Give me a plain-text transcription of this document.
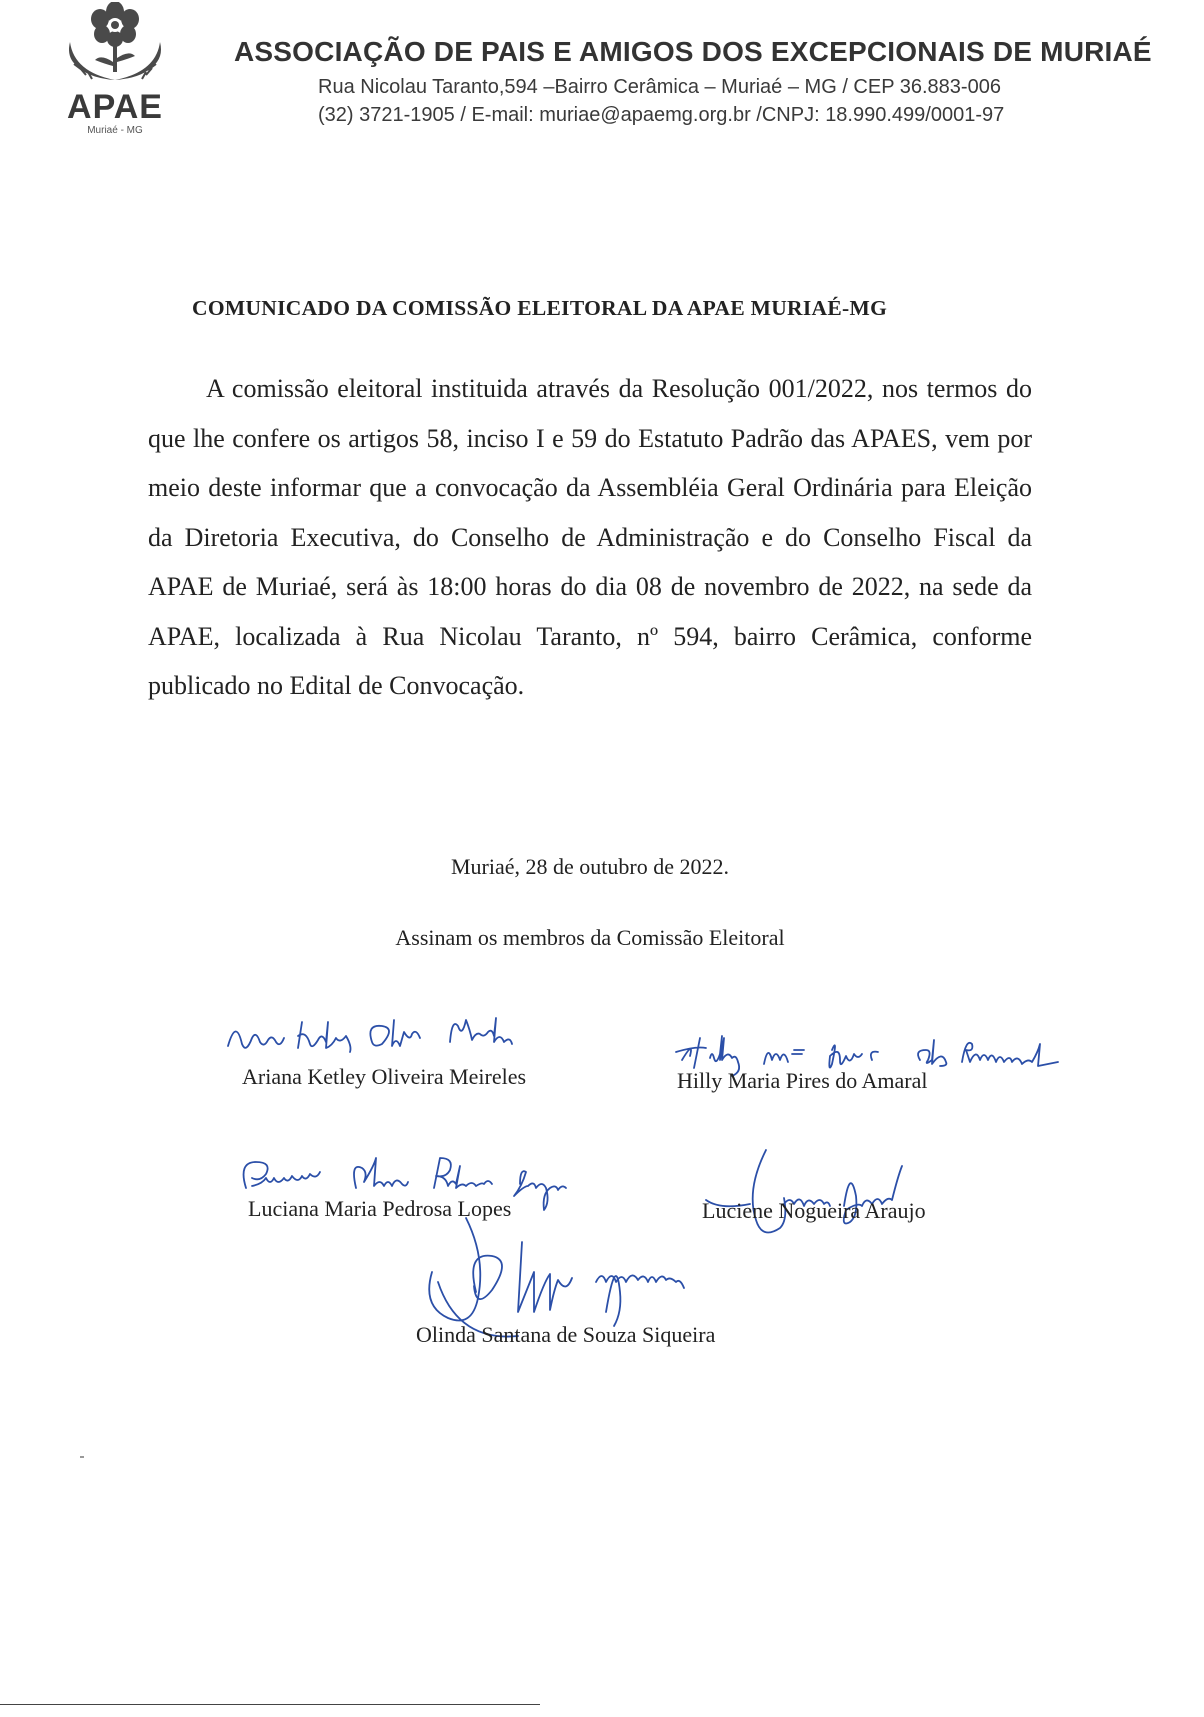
APAE
Muriaé - MG
ASSOCIAÇÃO DE PAIS E AMIGOS DOS EXCEPCIONAIS DE MURIAÉ
Rua Nicolau Taranto,594 –Bairro Cerâmica – Muriaé – MG / CEP 36.883-006
(32) 3721-1905 / E-mail: muriae@apaemg.org.br /CNPJ: 18.990.499/0001-97
COMUNICADO DA COMISSÃO ELEITORAL DA APAE MURIAÉ-MG
A comissão eleitoral instituida através da Resolução 001/2022, nos termos do que lhe confere os artigos 58, inciso I e 59 do Estatuto Padrão das APAES, vem por meio deste informar que a convocação da Assembléia Geral Ordinária para Eleição da Diretoria Executiva, do Conselho de Administração e do Conselho Fiscal da APAE de Muriaé, será às 18:00 horas do dia 08 de novembro de 2022, na sede da APAE, localizada à Rua Nicolau Taranto, nº 594, bairro Cerâmica, conforme publicado no Edital de Convocação.
Muriaé, 28 de outubro de 2022.
Assinam os membros da Comissão Eleitoral
Ariana Ketley Oliveira Meireles	Hilly Maria Pires do Amaral
Luciana Maria Pedrosa Lopes	Luciene Nogueira Araujo
Olinda Santana de Souza Siqueira
